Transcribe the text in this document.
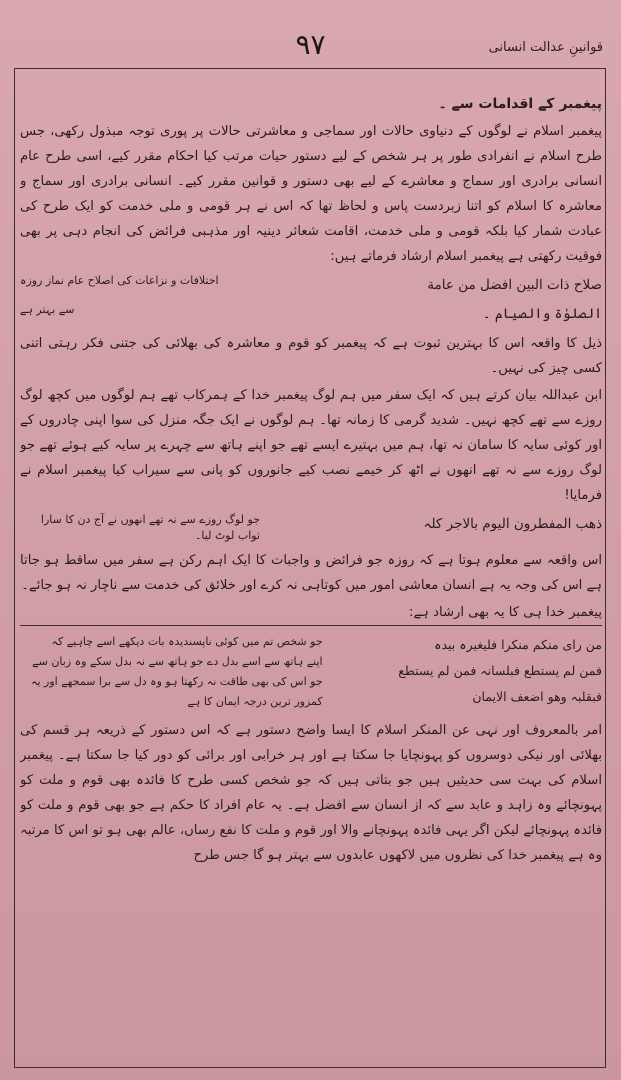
۹۷	قوانینِ عدالت انسانی

پیغمبر کے اقدامات سے ۔

پیغمبر اسلام نے لوگوں کے دنیاوی حالات اور سماجی و معاشرتی حالات پر پوری توجہ مبذول رکھی، جس طرح اسلام نے انفرادی طور پر ہر شخص کے لیے دستور حیات مرتب کیا احکام مقرر کیے، اسی طرح عام انسانی برادری اور سماج و معاشرے کے لیے بھی دستور و قوانین مقرر کیے۔ انسانی برادری اور سماج و معاشرہ کا اسلام کو اتنا زبردست پاس و لحاظ تھا کہ اس نے ہر قومی و ملی خدمت کو ایک طرح کی عبادت شمار کیا بلکہ قومی و ملی خدمت، اقامت شعائر دینیہ اور مذہبی فرائض کی انجام دہی پر بھی فوقیت رکھتی ہے پیغمبر اسلام ارشاد فرماتے ہیں:

صلاح ذات البین افضل من عامة
اختلافات و نزاعات کی اصلاح عام نماز روزہ
الصلوٰۃ والصیام ۔
سے بہتر ہے

ذیل کا واقعہ اس کا بہترین ثبوت ہے کہ پیغمبر کو قوم و معاشرہ کی بھلائی کی جتنی فکر رہتی اتنی کسی چیز کی نہیں۔

ابن عبداللہ بیان کرتے ہیں کہ ایک سفر میں ہم لوگ پیغمبر خدا کے ہمرکاب تھے ہم لوگوں میں کچھ لوگ روزے سے تھے کچھ نہیں۔ شدید گرمی کا زمانہ تھا۔ ہم لوگوں نے ایک جگہ منزل کی سوا اپنی چادروں کے اور کوئی سایہ کا سامان نہ تھا، ہم میں بہتیرے ایسے تھے جو اپنے ہاتھ سے چہرے پر سایہ کیے ہوئے تھے جو لوگ روزے سے نہ تھے انھوں نے اٹھ کر خیمے نصب کیے جانوروں کو پانی سے سیراب کیا پیغمبر اسلام نے فرمایا!

ذھب المفطرون الیوم بالاجر کلہ
جو لوگ روزے سے نہ تھے انھوں نے آج دن کا سارا ثواب لوٹ لیا۔

اس واقعہ سے معلوم ہوتا ہے کہ روزہ جو فرائض و واجبات کا ایک اہم رکن ہے سفر میں ساقط ہو جاتا ہے اس کی وجہ یہ ہے انسان معاشی امور میں کوتاہی نہ کرے اور خلائق کی خدمت سے ناچار نہ ہو جائے۔

پیغمبر خدا ہی کا یہ بھی ارشاد ہے:

من رای منکم منکرا فلیغیرہ بیدہ
فمن لم یستطع فبلسانہ فمن لم یستطع
فبقلبہ وھو اضعف الایمان
جو شخص تم میں کوئی ناپسندیدہ بات دیکھے اسے چاہیے کہ
اپنے ہاتھ سے اسے بدل دے جو ہاتھ سے نہ بدل سکے وہ زبان سے
جو اس کی بھی طاقت نہ رکھتا ہو وہ دل سے برا سمجھے اور یہ کمزور ترین درجہ ایمان کا ہے

امر بالمعروف اور نہی عن المنکر اسلام کا ایسا واضح دستور ہے کہ اس دستور کے ذریعہ ہر قسم کی بھلائی اور نیکی دوسروں کو پہونچایا جا سکتا ہے اور ہر خرابی اور برائی کو دور کیا جا سکتا ہے۔ پیغمبر اسلام کی بہت سی حدیثیں ہیں جو بتاتی ہیں کہ جو شخص کسی طرح کا فائدہ بھی قوم و ملت کو پہونچائے وہ زاہد و عابد سے کہ از انسان سے افضل ہے۔ یہ عام افراد کا حکم ہے جو بھی قوم و ملت کو فائدہ پہونچائے لیکن اگر یہی فائدہ پہونچانے والا اور قوم و ملت کا نفع رساں، عالم بھی ہو تو اس کا مرتبہ وہ ہے پیغمبر خدا کی نظروں میں لاکھوں عابدوں سے بہتر ہو گا جس طرح
